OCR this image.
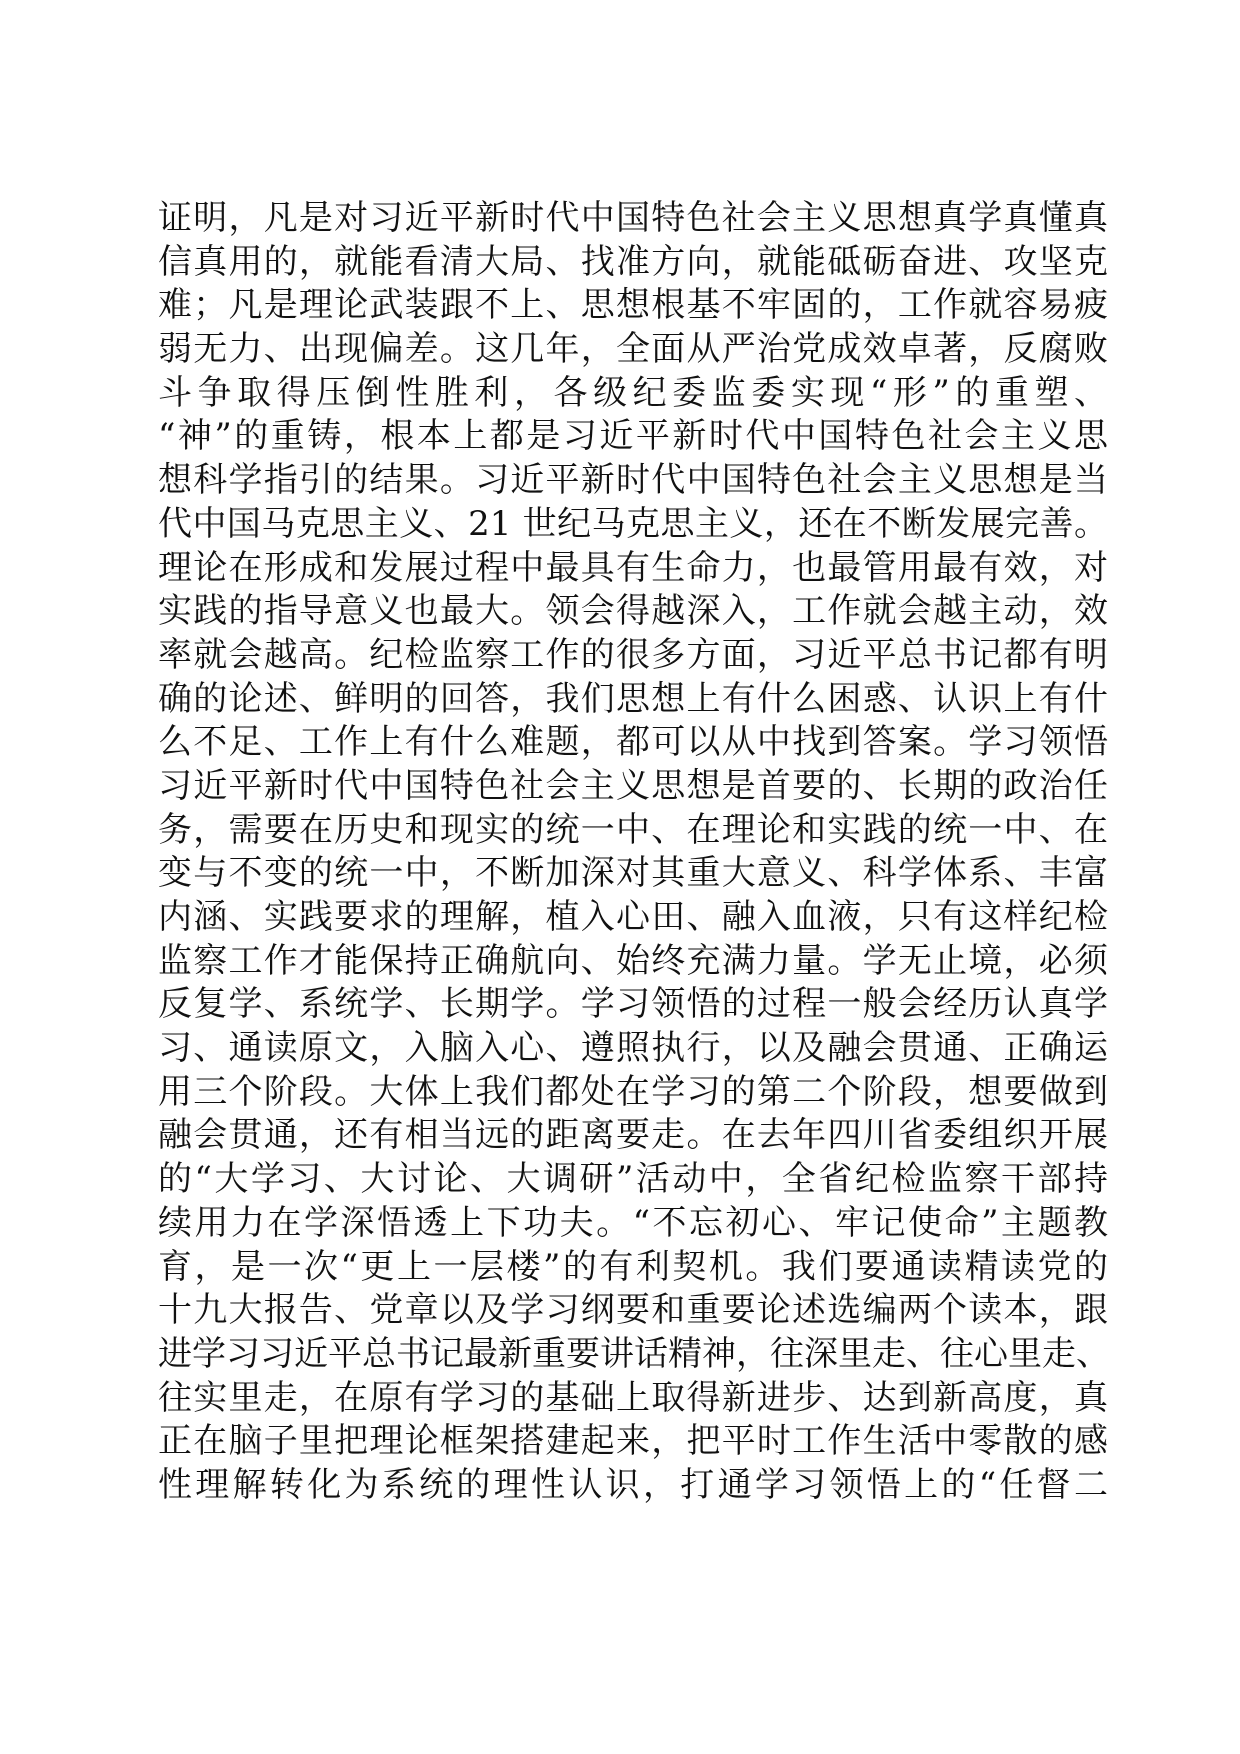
证明，凡是对习近平新时代中国特色社会主义思想真学真懂真
信真用的，就能看清大局、找准方向，就能砥砺奋进、攻坚克
难；凡是理论武装跟不上、思想根基不牢固的，工作就容易疲
弱无力、出现偏差。这几年，全面从严治党成效卓著，反腐败
斗争取得压倒性胜利，各级纪委监委实现“形”的重塑、
“神”的重铸，根本上都是习近平新时代中国特色社会主义思
想科学指引的结果。习近平新时代中国特色社会主义思想是当
代中国马克思主义、21 世纪马克思主义，还在不断发展完善。
理论在形成和发展过程中最具有生命力，也最管用最有效，对
实践的指导意义也最大。领会得越深入，工作就会越主动，效
率就会越高。纪检监察工作的很多方面，习近平总书记都有明
确的论述、鲜明的回答，我们思想上有什么困惑、认识上有什
么不足、工作上有什么难题，都可以从中找到答案。学习领悟
习近平新时代中国特色社会主义思想是首要的、长期的政治任
务，需要在历史和现实的统一中、在理论和实践的统一中、在
变与不变的统一中，不断加深对其重大意义、科学体系、丰富
内涵、实践要求的理解，植入心田、融入血液，只有这样纪检
监察工作才能保持正确航向、始终充满力量。学无止境，必须
反复学、系统学、长期学。学习领悟的过程一般会经历认真学
习、通读原文，入脑入心、遵照执行，以及融会贯通、正确运
用三个阶段。大体上我们都处在学习的第二个阶段，想要做到
融会贯通，还有相当远的距离要走。在去年四川省委组织开展
的“大学习、大讨论、大调研”活动中，全省纪检监察干部持
续用力在学深悟透上下功夫。“不忘初心、牢记使命”主题教
育，是一次“更上一层楼”的有利契机。我们要通读精读党的
十九大报告、党章以及学习纲要和重要论述选编两个读本，跟
进学习习近平总书记最新重要讲话精神，往深里走、往心里走、
往实里走，在原有学习的基础上取得新进步、达到新高度，真
正在脑子里把理论框架搭建起来，把平时工作生活中零散的感
性理解转化为系统的理性认识，打通学习领悟上的“任督二
